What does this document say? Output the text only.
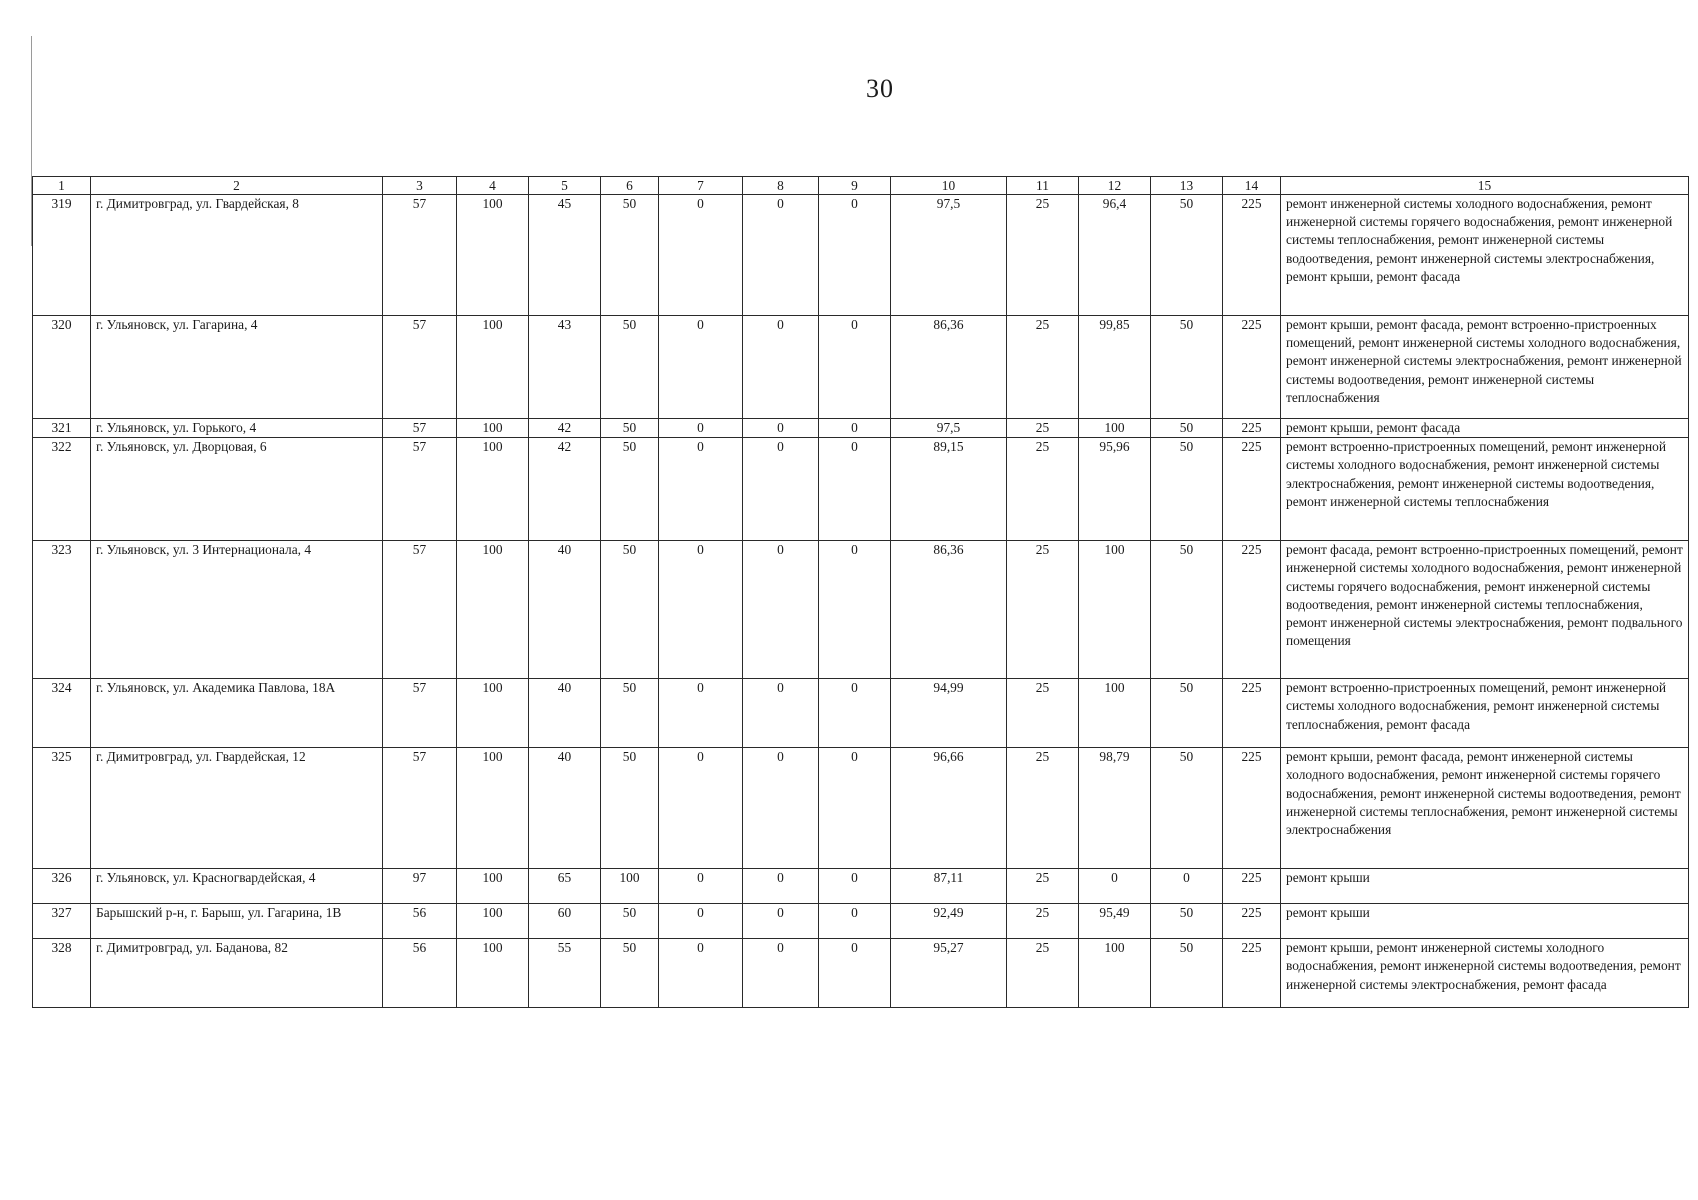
30
1	2	3	4	5	6	7	8	9	10	11	12	13	14	15
319	г. Димитровград, ул. Гвардейская, 8	57	100	45	50	0	0	0	97,5	25	96,4	50	225	ремонт инженерной системы холодного водоснабжения, ремонт инженерной системы горячего водоснабжения, ремонт инженерной системы теплоснабжения, ремонт инженерной системы водоотведения, ремонт инженерной системы электроснабжения, ремонт крыши, ремонт фасада
320	г. Ульяновск, ул. Гагарина, 4	57	100	43	50	0	0	0	86,36	25	99,85	50	225	ремонт крыши, ремонт фасада, ремонт встроенно-пристроенных помещений, ремонт инженерной системы холодного водоснабжения, ремонт инженерной системы электроснабжения, ремонт инженерной системы водоотведения, ремонт инженерной системы теплоснабжения
321	г. Ульяновск, ул. Горького, 4	57	100	42	50	0	0	0	97,5	25	100	50	225	ремонт крыши, ремонт фасада
322	г. Ульяновск, ул. Дворцовая, 6	57	100	42	50	0	0	0	89,15	25	95,96	50	225	ремонт встроенно-пристроенных помещений, ремонт инженерной системы холодного водоснабжения, ремонт инженерной системы электроснабжения, ремонт инженерной системы водоотведения, ремонт инженерной системы теплоснабжения
323	г. Ульяновск, ул. 3 Интернационала, 4	57	100	40	50	0	0	0	86,36	25	100	50	225	ремонт фасада, ремонт встроенно-пристроенных помещений, ремонт инженерной системы холодного водоснабжения, ремонт инженерной системы горячего водоснабжения, ремонт инженерной системы водоотведения, ремонт инженерной системы теплоснабжения, ремонт инженерной системы электроснабжения, ремонт подвального помещения
324	г. Ульяновск, ул. Академика Павлова, 18А	57	100	40	50	0	0	0	94,99	25	100	50	225	ремонт встроенно-пристроенных помещений, ремонт инженерной системы холодного водоснабжения, ремонт инженерной системы теплоснабжения, ремонт фасада
325	г. Димитровград, ул. Гвардейская, 12	57	100	40	50	0	0	0	96,66	25	98,79	50	225	ремонт крыши, ремонт фасада, ремонт инженерной системы холодного водоснабжения, ремонт инженерной системы горячего водоснабжения, ремонт инженерной системы водоотведения, ремонт инженерной системы теплоснабжения, ремонт инженерной системы электроснабжения
326	г. Ульяновск, ул. Красногвардейская, 4	97	100	65	100	0	0	0	87,11	25	0	0	225	ремонт крыши
327	Барышский р-н, г. Барыш, ул. Гагарина, 1В	56	100	60	50	0	0	0	92,49	25	95,49	50	225	ремонт крыши
328	г. Димитровград, ул. Баданова, 82	56	100	55	50	0	0	0	95,27	25	100	50	225	ремонт крыши, ремонт инженерной системы холодного водоснабжения, ремонт инженерной системы водоотведения, ремонт инженерной системы электроснабжения, ремонт фасада
